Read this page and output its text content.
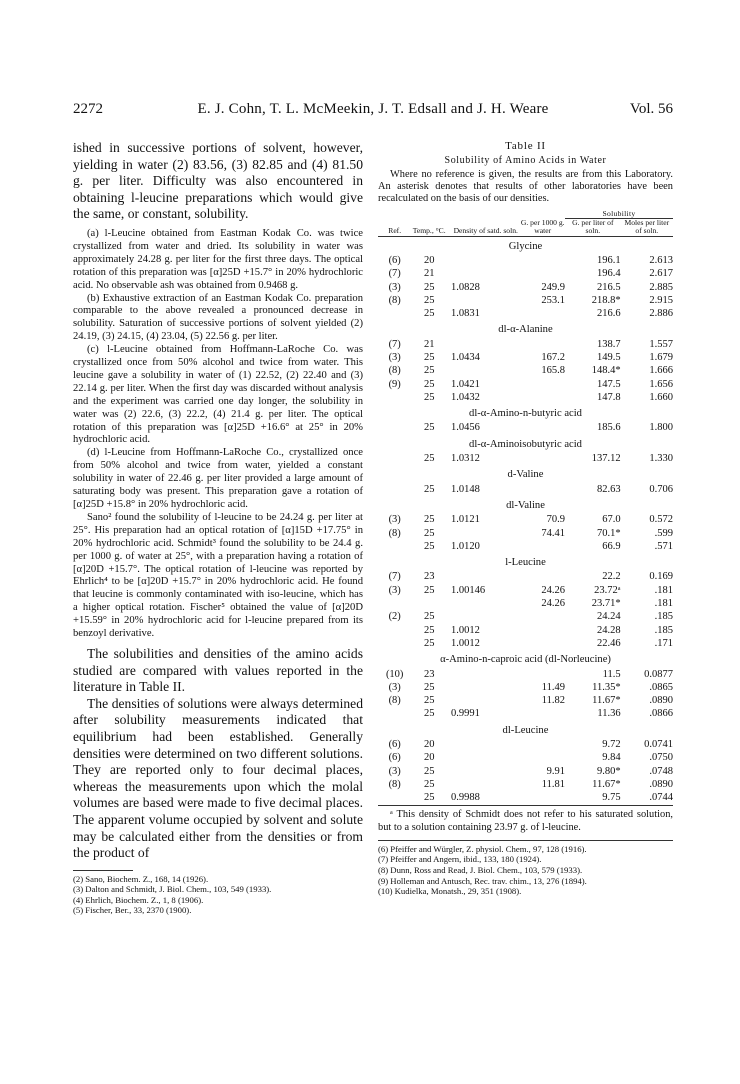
2272	E. J. Cohn, T. L. McMeekin, J. T. Edsall and J. H. Weare	Vol. 56

ished in successive portions of solvent, however, yielding in water (2) 83.56, (3) 82.85 and (4) 81.50 g. per liter. Difficulty was also encountered in obtaining l-leucine preparations which would give the same, or constant, solubility.

(a) l-Leucine obtained from Eastman Kodak Co. was twice crystallized from water and dried. Its solubility in water was approximately 24.28 g. per liter for the first three days. The optical rotation of this preparation was [α]25D +15.7° in 20% hydrochloric acid. No observable ash was obtained from 0.9468 g.

(b) Exhaustive extraction of an Eastman Kodak Co. preparation comparable to the above revealed a pronounced decrease in solubility. Saturation of successive portions of solvent yielded (2) 24.19, (3) 24.15, (4) 23.04, (5) 22.56 g. per liter.

(c) l-Leucine obtained from Hoffmann-LaRoche Co. was crystallized once from 50% alcohol and twice from water. This leucine gave a solubility in water of (1) 22.52, (2) 22.40 and (3) 22.14 g. per liter. When the first day was discarded without analysis and the experiment was carried one day longer, the solubility in water was (2) 22.6, (3) 22.2, (4) 21.4 g. per liter. The optical rotation of this preparation was [α]25D +16.6° at 25° in 20% hydrochloric acid.

(d) l-Leucine from Hoffmann-LaRoche Co., crystallized once from 50% alcohol and twice from water, yielded a constant solubility in water of 22.46 g. per liter provided a large amount of saturating body was present. This preparation gave a rotation of [α]25D +15.8° in 20% hydrochloric acid.

Sano² found the solubility of l-leucine to be 24.24 g. per liter at 25°. His preparation had an optical rotation of [α]15D +17.75° in 20% hydrochloric acid. Schmidt³ found the solubility to be 24.4 g. per 1000 g. of water at 25°, with a preparation having a rotation of [α]20D +15.7°. The optical rotation of l-leucine was reported by Ehrlich⁴ to be [α]20D +15.7° in 20% hydrochloric acid. He found that leucine is commonly contaminated with iso-leucine, which has a higher optical rotation. Fischer⁵ obtained the value of [α]20D +15.59° in 20% hydrochloric acid for l-leucine prepared from its benzoyl derivative.

The solubilities and densities of the amino acids studied are compared with values reported in the literature in Table II.

The densities of solutions were always determined after solubility measurements indicated that equilibrium had been established. Generally densities were determined on two different solutions. They are reported only to four decimal places, whereas the measurements upon which the molal volumes are based were made to five decimal places. The apparent volume occupied by solvent and solute may be calculated either from the densities or from the product of

(2) Sano, Biochem. Z., 168, 14 (1926).

(3) Dalton and Schmidt, J. Biol. Chem., 103, 549 (1933).

(4) Ehrlich, Biochem. Z., 1, 8 (1906).

(5) Fischer, Ber., 33, 2370 (1900).

Table II

Solubility of Amino Acids in Water

Where no reference is given, the results are from this Laboratory. An asterisk denotes that results of other laboratories have been recalculated on the basis of our densities.

				Solubility	
Ref.	Temp., °C.	Density of satd. soln.	G. per 1000 g. water	G. per liter of soln.	Moles per liter of soln.

Glycine					
(6)	20			196.1	2.613
(7)	21			196.4	2.617
(3)	25	1.0828	249.9	216.5	2.885
(8)	25		253.1	218.8*	2.915
	25	1.0831		216.6	2.886
dl-α-Alanine					
(7)	21			138.7	1.557
(3)	25	1.0434	167.2	149.5	1.679
(8)	25		165.8	148.4*	1.666
(9)	25	1.0421		147.5	1.656
	25	1.0432		147.8	1.660
dl-α-Amino-n-butyric acid					
	25	1.0456		185.6	1.800
dl-α-Aminoisobutyric acid					
	25	1.0312		137.12	1.330
d-Valine					
	25	1.0148		82.63	0.706
dl-Valine					
(3)	25	1.0121	70.9	67.0	0.572
(8)	25		74.41	70.1*	.599
	25	1.0120		66.9	.571
l-Leucine					
(7)	23			22.2	0.169
(3)	25	1.00146	24.26	23.72ᵃ	.181
			24.26	23.71*	.181
(2)	25			24.24	.185
	25	1.0012		24.28	.185
	25	1.0012		22.46	.171
α-Amino-n-caproic acid (dl-Norleucine)					
(10)	23			11.5	0.0877
(3)	25		11.49	11.35*	.0865
(8)	25		11.82	11.67*	.0890
	25	0.9991		11.36	.0866
dl-Leucine					
(6)	20			9.72	0.0741
(6)	20			9.84	.0750
(3)	25		9.91	9.80*	.0748
(8)	25		11.81	11.67*	.0890
	25	0.9988		9.75	.0744

ᵃ This density of Schmidt does not refer to his saturated solution, but to a solution containing 23.97 g. of l-leucine.

(6) Pfeiffer and Würgler, Z. physiol. Chem., 97, 128 (1916).

(7) Pfeiffer and Angern, ibid., 133, 180 (1924).

(8) Dunn, Ross and Read, J. Biol. Chem., 103, 579 (1933).

(9) Holleman and Antusch, Rec. trav. chim., 13, 276 (1894).

(10) Kudielka, Monatsh., 29, 351 (1908).
